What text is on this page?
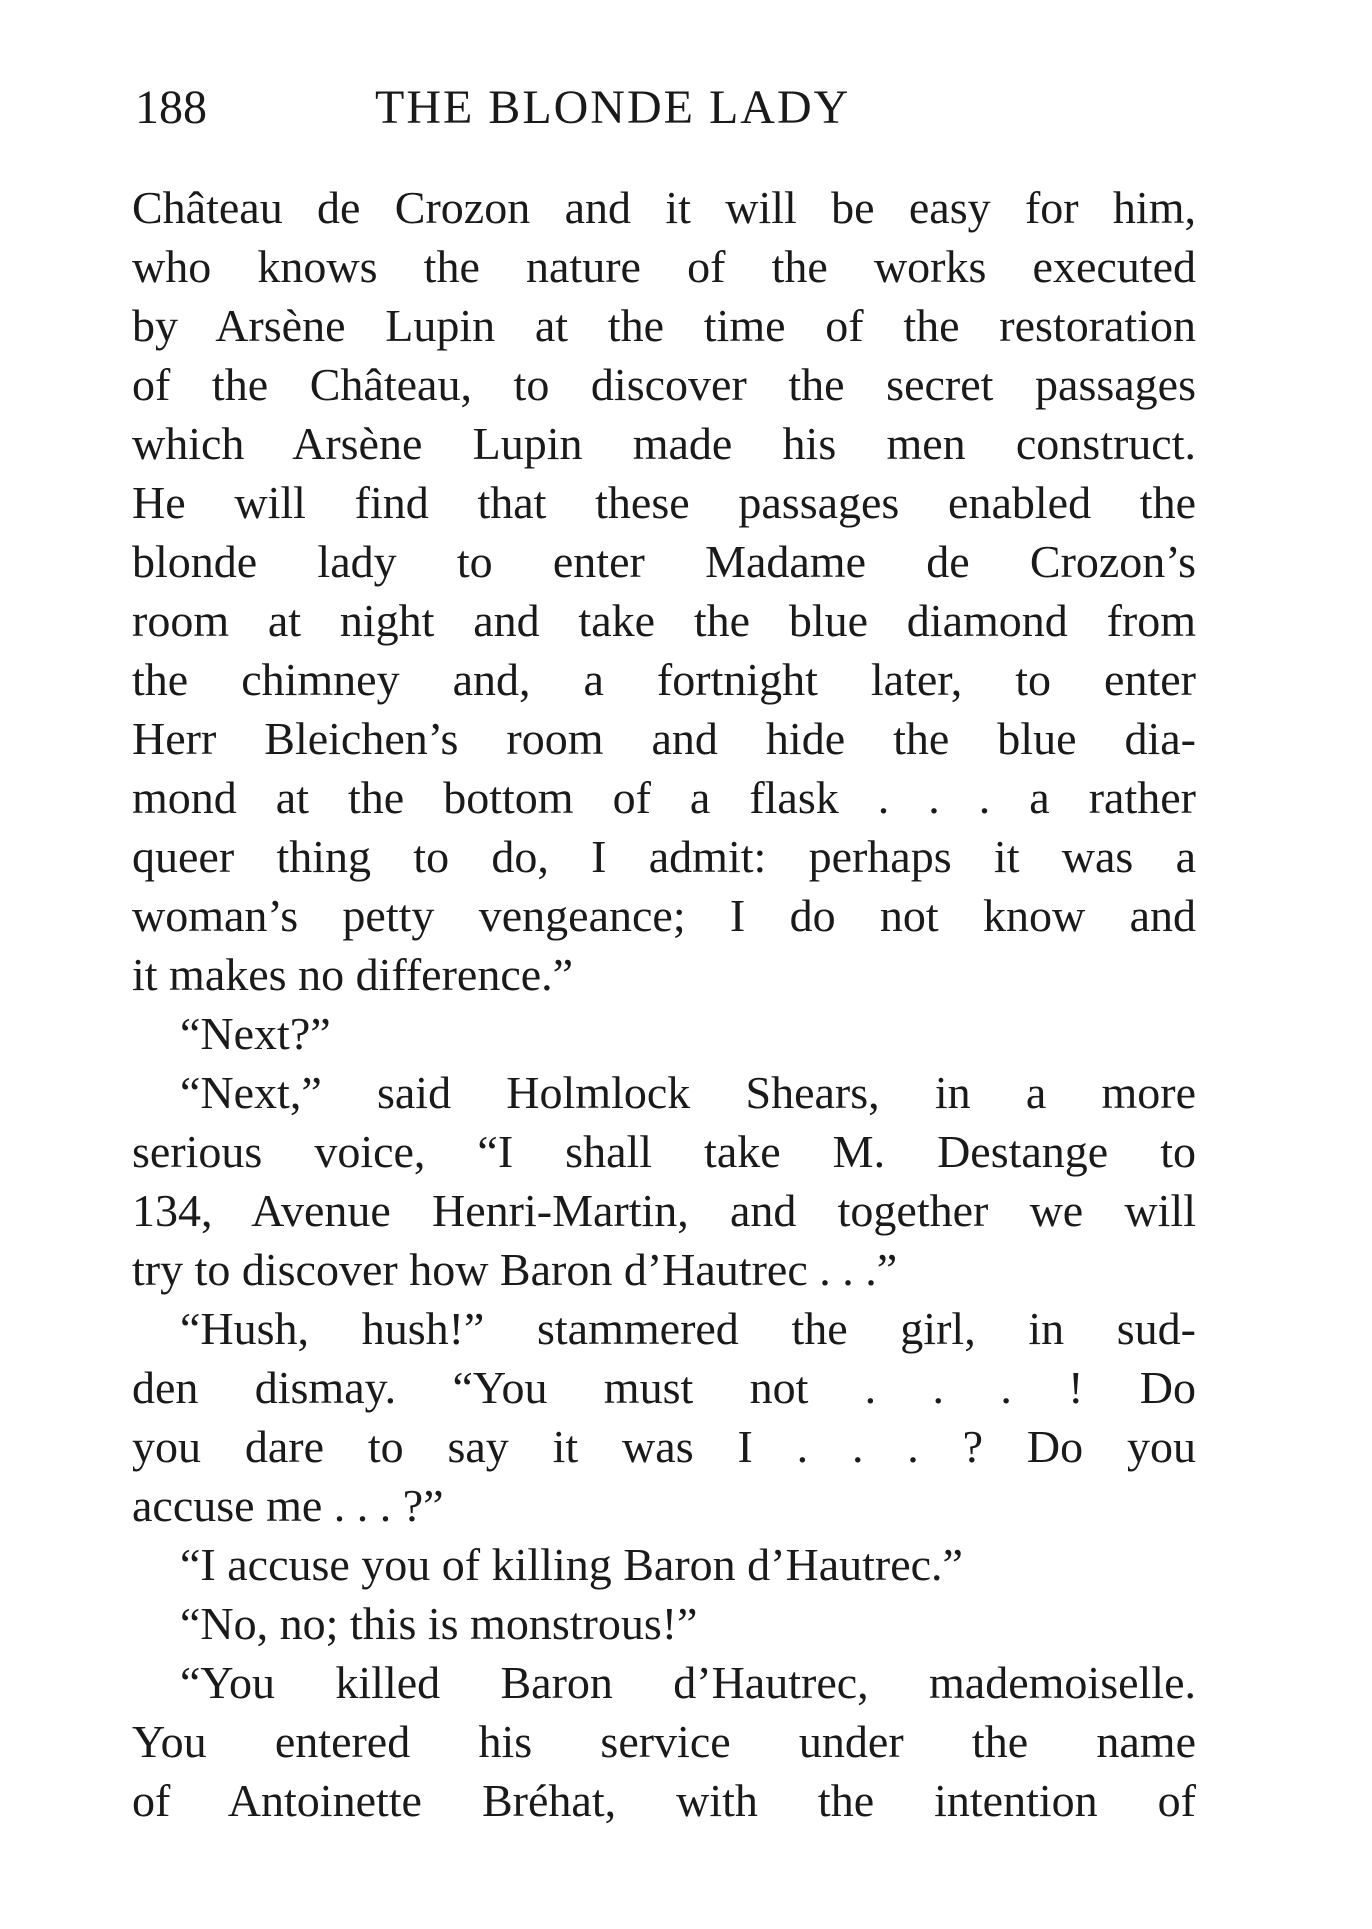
188	THE BLONDE LADY
Château de Crozon and it will be easy for him,
who knows the nature of the works executed
by Arsène Lupin at the time of the restoration
of the Château, to discover the secret passages
which Arsène Lupin made his men construct.
He will find that these passages enabled the
blonde lady to enter Madame de Crozon’s
room at night and take the blue diamond from
the chimney and, a fortnight later, to enter
Herr Bleichen’s room and hide the blue dia-
mond at the bottom of a flask . . . a rather
queer thing to do, I admit: perhaps it was a
woman’s petty vengeance; I do not know and
it makes no difference.”
“Next?”
“Next,” said Holmlock Shears, in a more
serious voice, “I shall take M. Destange to
134, Avenue Henri-Martin, and together we will
try to discover how Baron d’Hautrec . . .”
“Hush, hush!” stammered the girl, in sud-
den dismay. “You must not . . . ! Do
you dare to say it was I . . . ? Do you
accuse me . . . ?”
“I accuse you of killing Baron d’Hautrec.”
“No, no; this is monstrous!”
“You killed Baron d’Hautrec, mademoiselle.
You entered his service under the name
of Antoinette Bréhat, with the intention of
